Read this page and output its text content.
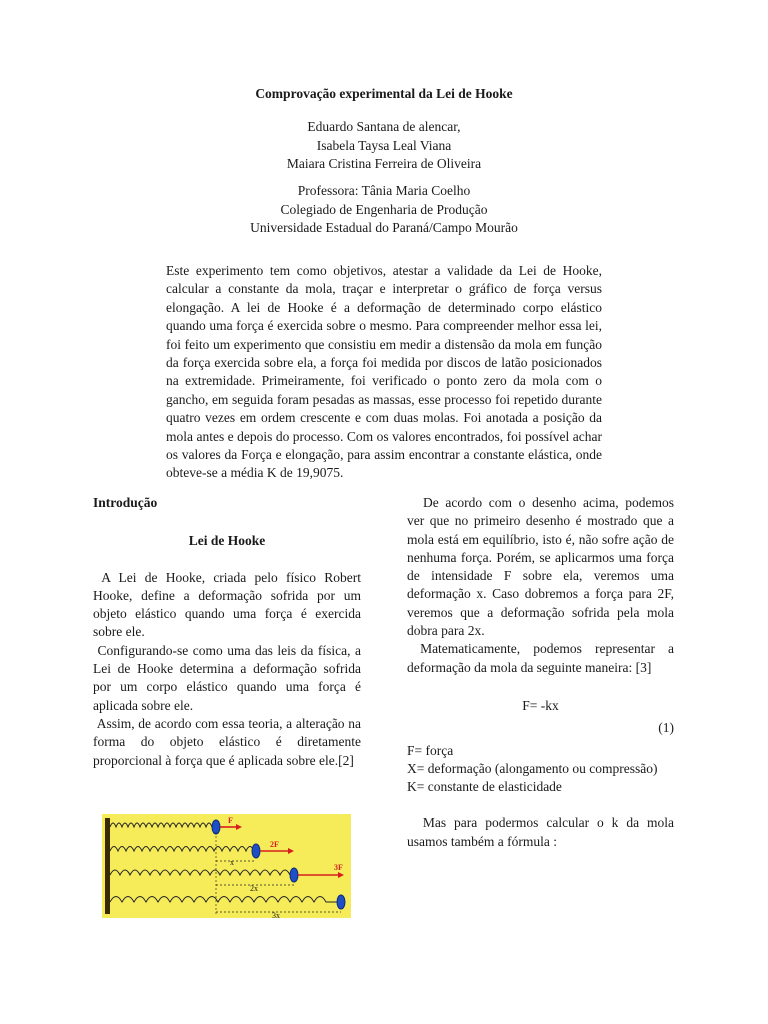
Comprovação experimental da Lei de Hooke
Eduardo Santana de alencar,
Isabela Taysa Leal Viana
Maiara Cristina Ferreira de Oliveira
Professora: Tânia Maria Coelho
Colegiado de Engenharia de Produção
Universidade Estadual do Paraná/Campo Mourão
Este experimento tem como objetivos, atestar a validade da Lei de Hooke, calcular a constante da mola, traçar e interpretar o gráfico de força versus elongação. A lei de Hooke é a deformação de determinado corpo elástico quando uma força é exercida sobre o mesmo. Para compreender melhor essa lei, foi feito um experimento que consistiu em medir a distensão da mola em função da força exercida sobre ela, a força foi medida por discos de latão posicionados na extremidade. Primeiramente, foi verificado o ponto zero da mola com o gancho, em seguida foram pesadas as massas, esse processo foi repetido durante quatro vezes em ordem crescente e com duas molas. Foi anotada a posição da mola antes e depois do processo. Com os valores encontrados, foi possível achar os valores da Força e elongação, para assim encontrar a constante elástica, onde obteve-se a média K de 19,9075.
Introdução
Lei de Hooke

A Lei de Hooke, criada pelo físico Robert Hooke, define a deformação sofrida por um objeto elástico quando uma força é exercida sobre ele.

Configurando-se como uma das leis da física, a Lei de Hooke determina a deformação sofrida por um corpo elástico quando uma força é aplicada sobre ele.

Assim, de acordo com essa teoria, a alteração na forma do objeto elástico é diretamente proporcional à força que é aplicada sobre ele.[2]

F
2F
3F
x
2x
3x

De acordo com o desenho acima, podemos ver que no primeiro desenho é mostrado que a mola está em equilíbrio, isto é, não sofre ação de nenhuma força. Porém, se aplicarmos uma força de intensidade F sobre ela, veremos uma deformação x. Caso dobremos a força para 2F, veremos que a deformação sofrida pela mola dobra para 2x.

Matematicamente, podemos representar a deformação da mola da seguinte maneira: [3]

F= -kx
(1)
F= força
X= deformação (alongamento ou compressão)
K= constante de elasticidade

Mas para podermos calcular o k da mola usamos também a fórmula :
